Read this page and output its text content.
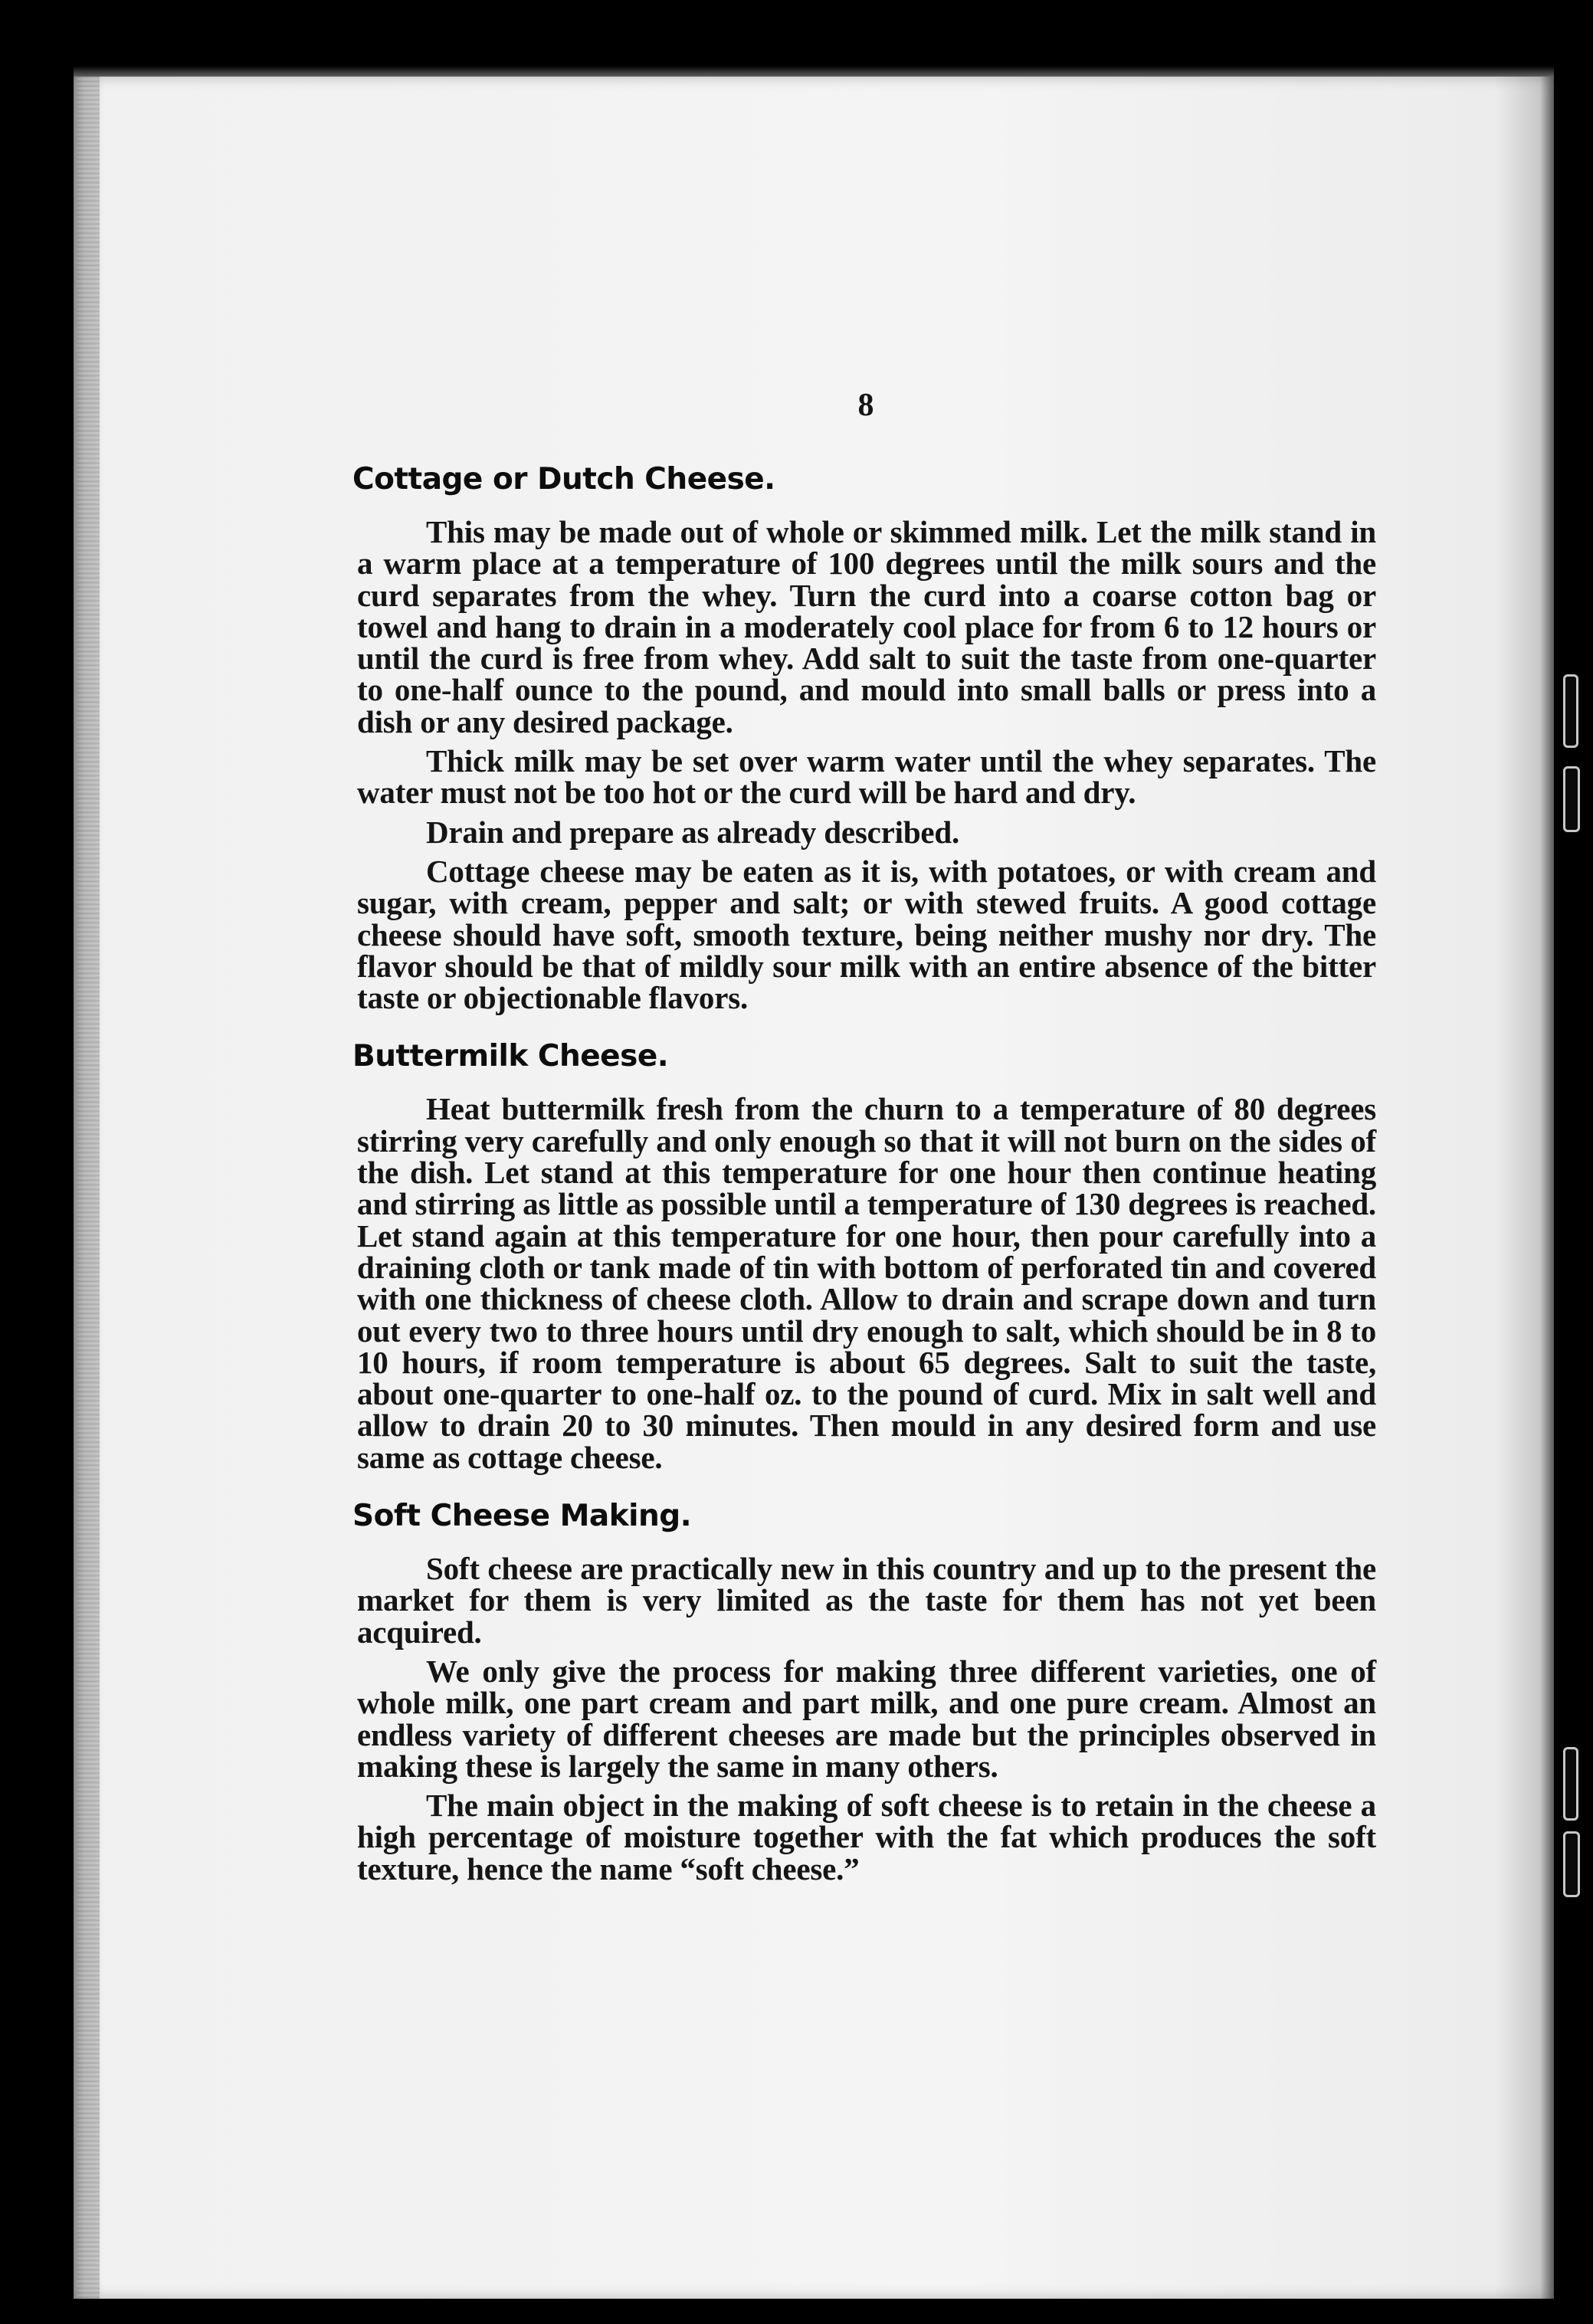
8
Cottage or Dutch Cheese.

This may be made out of whole or skimmed milk. Let the milk stand in a warm place at a temperature of 100 degrees until the milk sours and the curd separates from the whey. Turn the curd into a coarse cotton bag or towel and hang to drain in a moderately cool place for from 6 to 12 hours or until the curd is free from whey. Add salt to suit the taste from one-quarter to one-half ounce to the pound, and mould into small balls or press into a dish or any desired package.

Thick milk may be set over warm water until the whey separates. The water must not be too hot or the curd will be hard and dry.

Drain and prepare as already described.

Cottage cheese may be eaten as it is, with potatoes, or with cream and sugar, with cream, pepper and salt; or with stewed fruits. A good cottage cheese should have soft, smooth texture, being neither mushy nor dry. The flavor should be that of mildly sour milk with an entire absence of the bitter taste or objectionable flavors.

Buttermilk Cheese.

Heat buttermilk fresh from the churn to a temperature of 80 degrees stirring very carefully and only enough so that it will not burn on the sides of the dish. Let stand at this temperature for one hour then continue heating and stirring as little as possible until a temperature of 130 degrees is reached. Let stand again at this temperature for one hour, then pour carefully into a draining cloth or tank made of tin with bottom of perforated tin and covered with one thickness of cheese cloth. Allow to drain and scrape down and turn out every two to three hours until dry enough to salt, which should be in 8 to 10 hours, if room temperature is about 65 degrees. Salt to suit the taste, about one-quarter to one-half oz. to the pound of curd. Mix in salt well and allow to drain 20 to 30 minutes. Then mould in any desired form and use same as cottage cheese.

Soft Cheese Making.

Soft cheese are practically new in this country and up to the present the market for them is very limited as the taste for them has not yet been acquired.

We only give the process for making three different varieties, one of whole milk, one part cream and part milk, and one pure cream. Almost an endless variety of different cheeses are made but the principles observed in making these is largely the same in many others.

The main object in the making of soft cheese is to retain in the cheese a high percentage of moisture together with the fat which produces the soft texture, hence the name “soft cheese.”
